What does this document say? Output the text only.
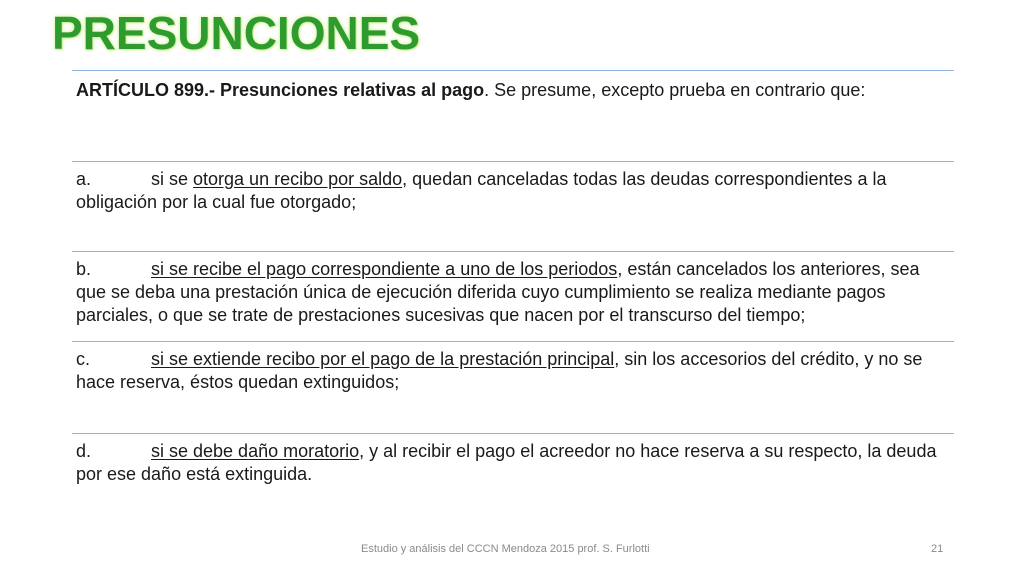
PRESUNCIONES
ARTÍCULO 899.- Presunciones relativas al pago. Se presume, excepto prueba en contrario que:
a.	si se otorga un recibo por saldo, quedan canceladas todas las deudas correspondientes a la obligación por la cual fue otorgado;
b.	si se recibe el pago correspondiente a uno de los periodos, están cancelados los anteriores, sea que se deba una prestación única de ejecución diferida cuyo cumplimiento se realiza mediante pagos parciales, o que se trate de prestaciones sucesivas que nacen por el transcurso del tiempo;
c.	si se extiende recibo por el pago de la prestación principal, sin los accesorios del crédito, y no se hace reserva, éstos quedan extinguidos;
d.	si se debe daño moratorio, y al recibir el pago el acreedor no hace reserva a su respecto, la deuda por ese daño está extinguida.
Estudio y análisis del CCCN Mendoza 2015 prof. S. Furlotti	21
